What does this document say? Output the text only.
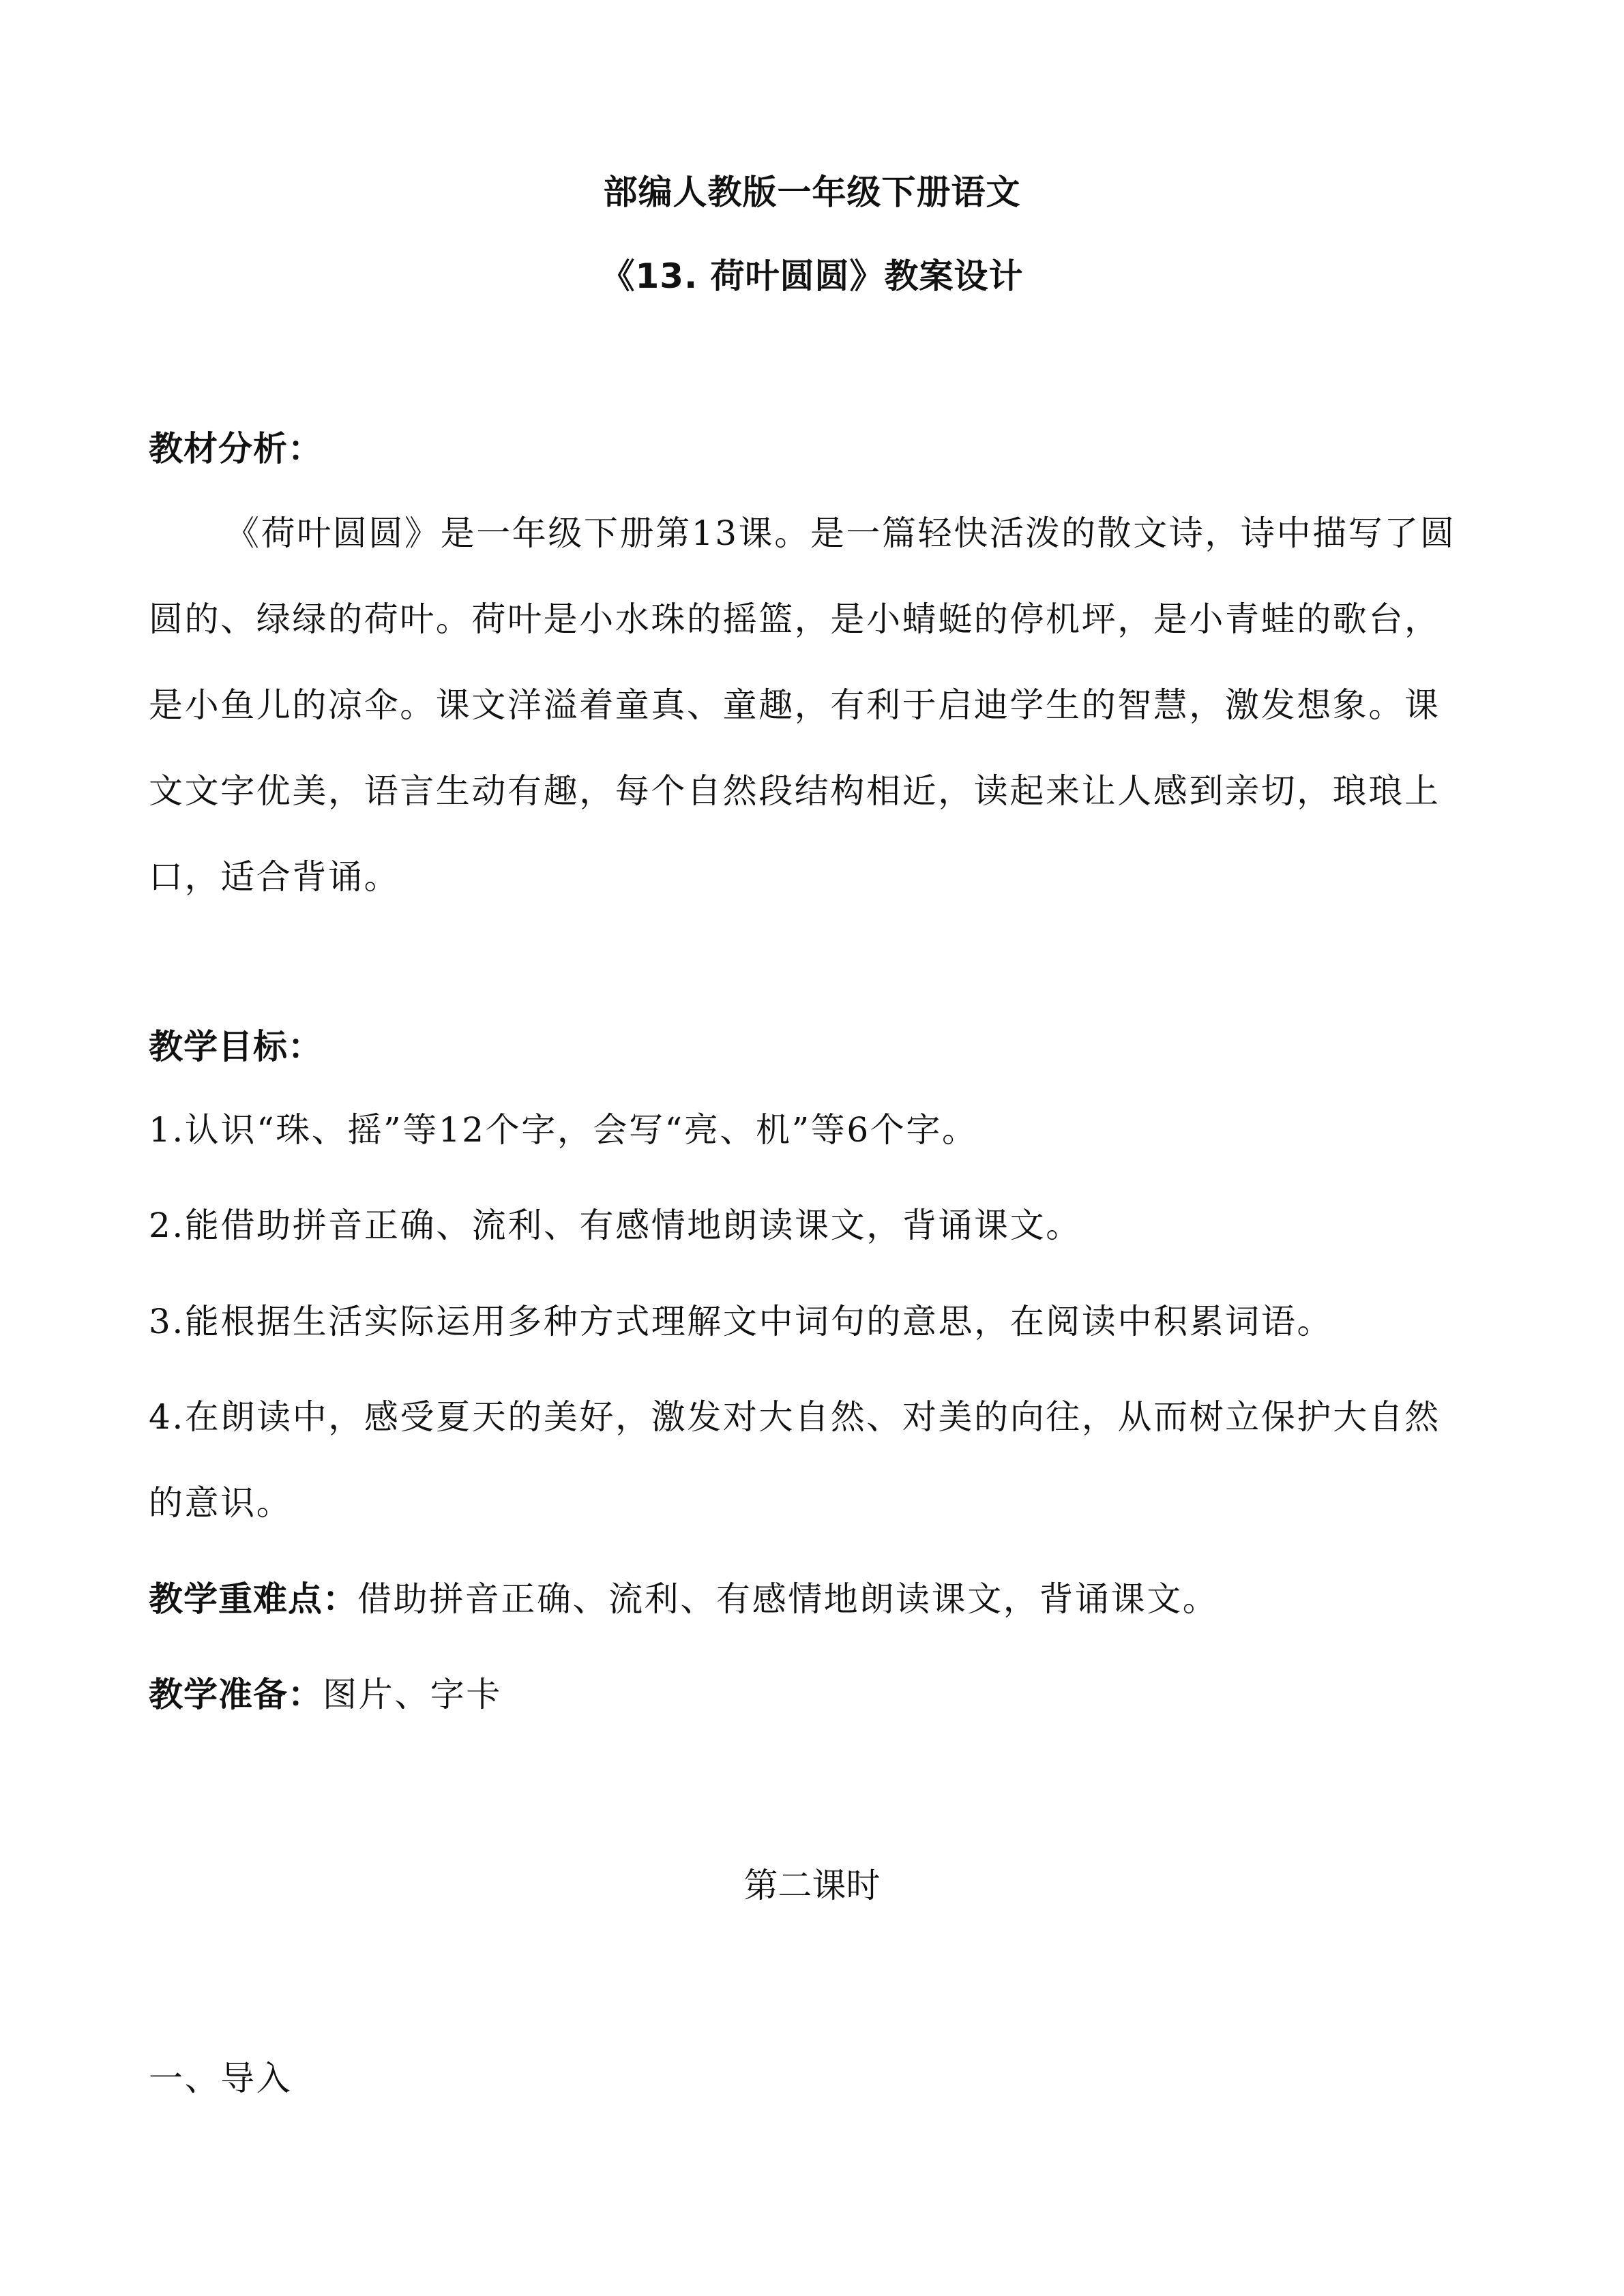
部编人教版一年级下册语文
《13. 荷叶圆圆》教案设计
教材分析：

《荷叶圆圆》是一年级下册第13课。是一篇轻快活泼的散文诗，诗中描写了圆圆的、绿绿的荷叶。荷叶是小水珠的摇篮，是小蜻蜓的停机坪，是小青蛙的歌台，是小鱼儿的凉伞。课文洋溢着童真、童趣，有利于启迪学生的智慧，激发想象。课文文字优美，语言生动有趣，每个自然段结构相近，读起来让人感到亲切，琅琅上口，适合背诵。

教学目标：
1.认识“珠、摇”等12个字，会写“亮、机”等6个字。
2.能借助拼音正确、流利、有感情地朗读课文，背诵课文。
3.能根据生活实际运用多种方式理解文中词句的意思，在阅读中积累词语。

4.在朗读中，感受夏天的美好，激发对大自然、对美的向往，从而树立保护大自然的意识。

教学重难点：借助拼音正确、流利、有感情地朗读课文，背诵课文。
教学准备：图片、字卡
第二课时
一、导入
